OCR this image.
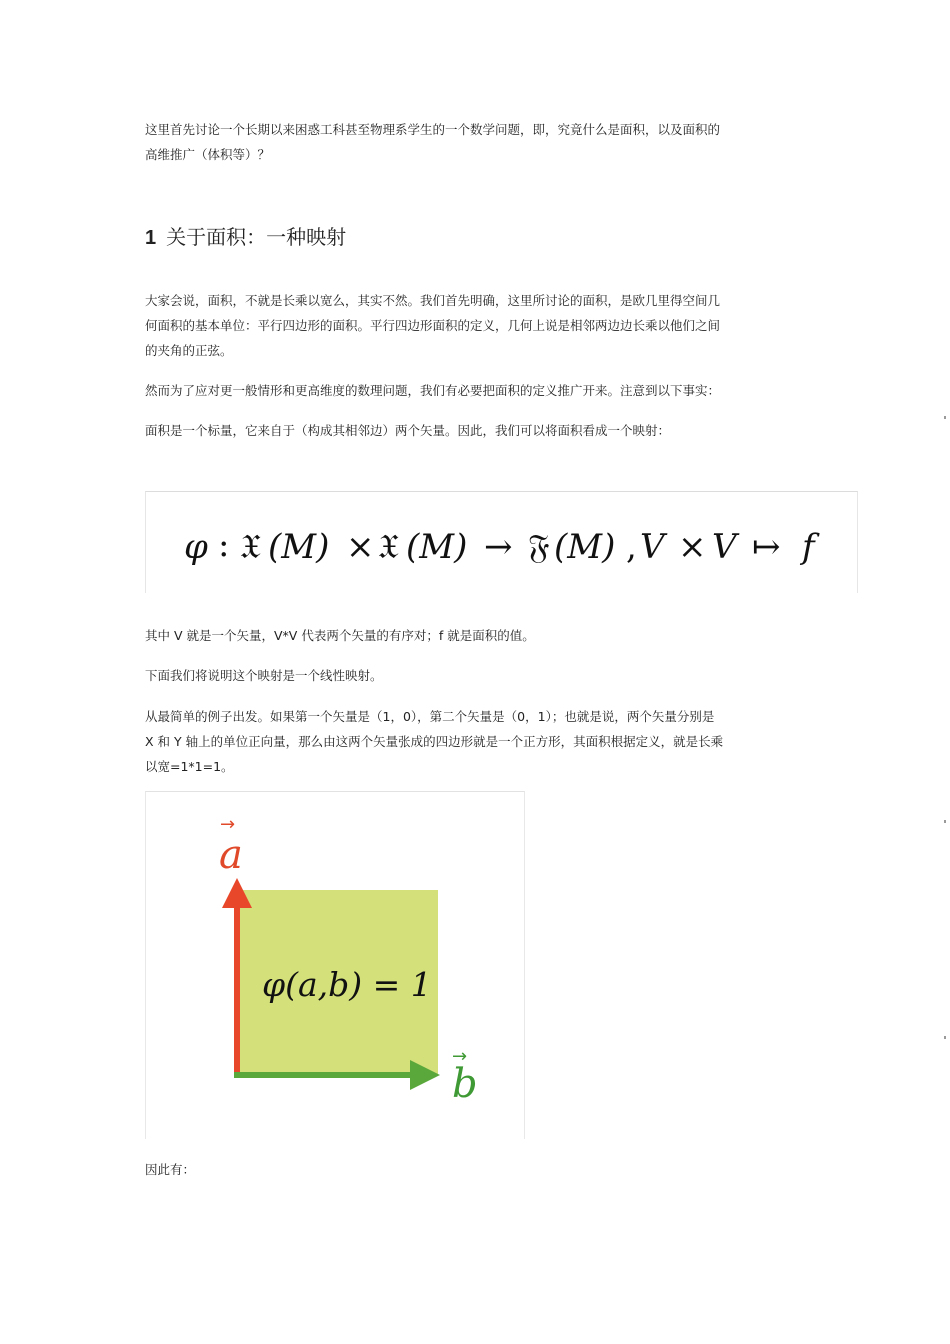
这里首先讨论一个长期以来困惑工科甚至物理系学生的一个数学问题，即，究竟什么是面积，以及面积的
高维推广（体积等）？

1 关于面积：一种映射

大家会说，面积，不就是长乘以宽么，其实不然。我们首先明确，这里所讨论的面积，是欧几里得空间几
何面积的基本单位：平行四边形的面积。平行四边形面积的定义，几何上说是相邻两边边长乘以他们之间
的夹角的正弦。

然而为了应对更一般情形和更高维度的数理问题，我们有必要把面积的定义推广开来。注意到以下事实：

面积是一个标量，它来自于（构成其相邻边）两个矢量。因此，我们可以将面积看成一个映射：

φ : 𝔛 (M) × 𝔛 (M) → 𝔉 (M) , V × V ↦ f

其中 V 就是一个矢量，V*V 代表两个矢量的有序对；f 就是面积的值。

下面我们将说明这个映射是一个线性映射。

从最简单的例子出发。如果第一个矢量是（1，0），第二个矢量是（0，1）；也就是说，两个矢量分别是
X 和 Y 轴上的单位正向量，那么由这两个矢量张成的四边形就是一个正方形，其面积根据定义，就是长乘
以宽=1*1=1。

→
a
→
b
φ(a,b) = 1

因此有：
